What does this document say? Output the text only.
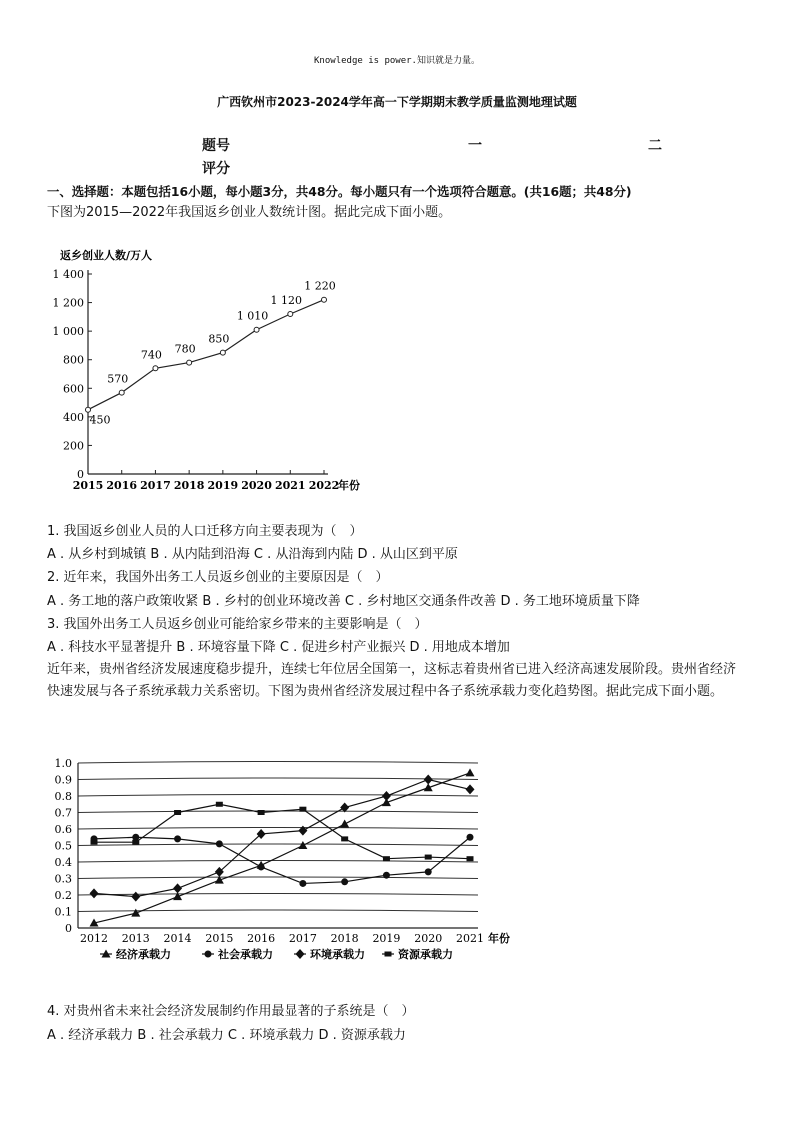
Knowledge is power.知识就是力量。
广西钦州市2023-2024学年高一下学期期末教学质量监测地理试题
题号	一	二
评分
一、选择题：本题包括16小题，每小题3分，共48分。每小题只有一个选项符合题意。(共16题；共48分)
下图为2015—2022年我国返乡创业人数统计图。据此完成下面小题。
返乡创业人数/万人
0
200
400
600
800
1 000
1 200
1 400
2015 2016 2017 2018 2019 2020 2021 2022
年份
450
570
740 780
850
1 010
1 120
1 220
1. 我国返乡创业人员的人口迁移方向主要表现为（　）
A . 从乡村到城镇 B . 从内陆到沿海 C . 从沿海到内陆 D . 从山区到平原
2. 近年来，我国外出务工人员返乡创业的主要原因是（　）
A . 务工地的落户政策收紧 B . 乡村的创业环境改善 C . 乡村地区交通条件改善 D . 务工地环境质量下降
3. 我国外出务工人员返乡创业可能给家乡带来的主要影响是（　）
A . 科技水平显著提升 B . 环境容量下降 C . 促进乡村产业振兴 D . 用地成本增加
近年来，贵州省经济发展速度稳步提升，连续七年位居全国第一，这标志着贵州省已进入经济高速发展阶段。贵州省经济快速发展与各子系统承载力关系密切。下图为贵州省经济发展过程中各子系统承载力变化趋势图。据此完成下面小题。
0
0.1
0.2
0.3
0.4
0.5
0.6
0.7
0.8
0.9
1.0
2012 2013 2014 2015 2016 2017 2018 2019 2020 2021 年份
经济承载力	社会承载力	环境承载力	资源承载力
4. 对贵州省未来社会经济发展制约作用最显著的子系统是（　）
A . 经济承载力 B . 社会承载力 C . 环境承载力 D . 资源承载力
